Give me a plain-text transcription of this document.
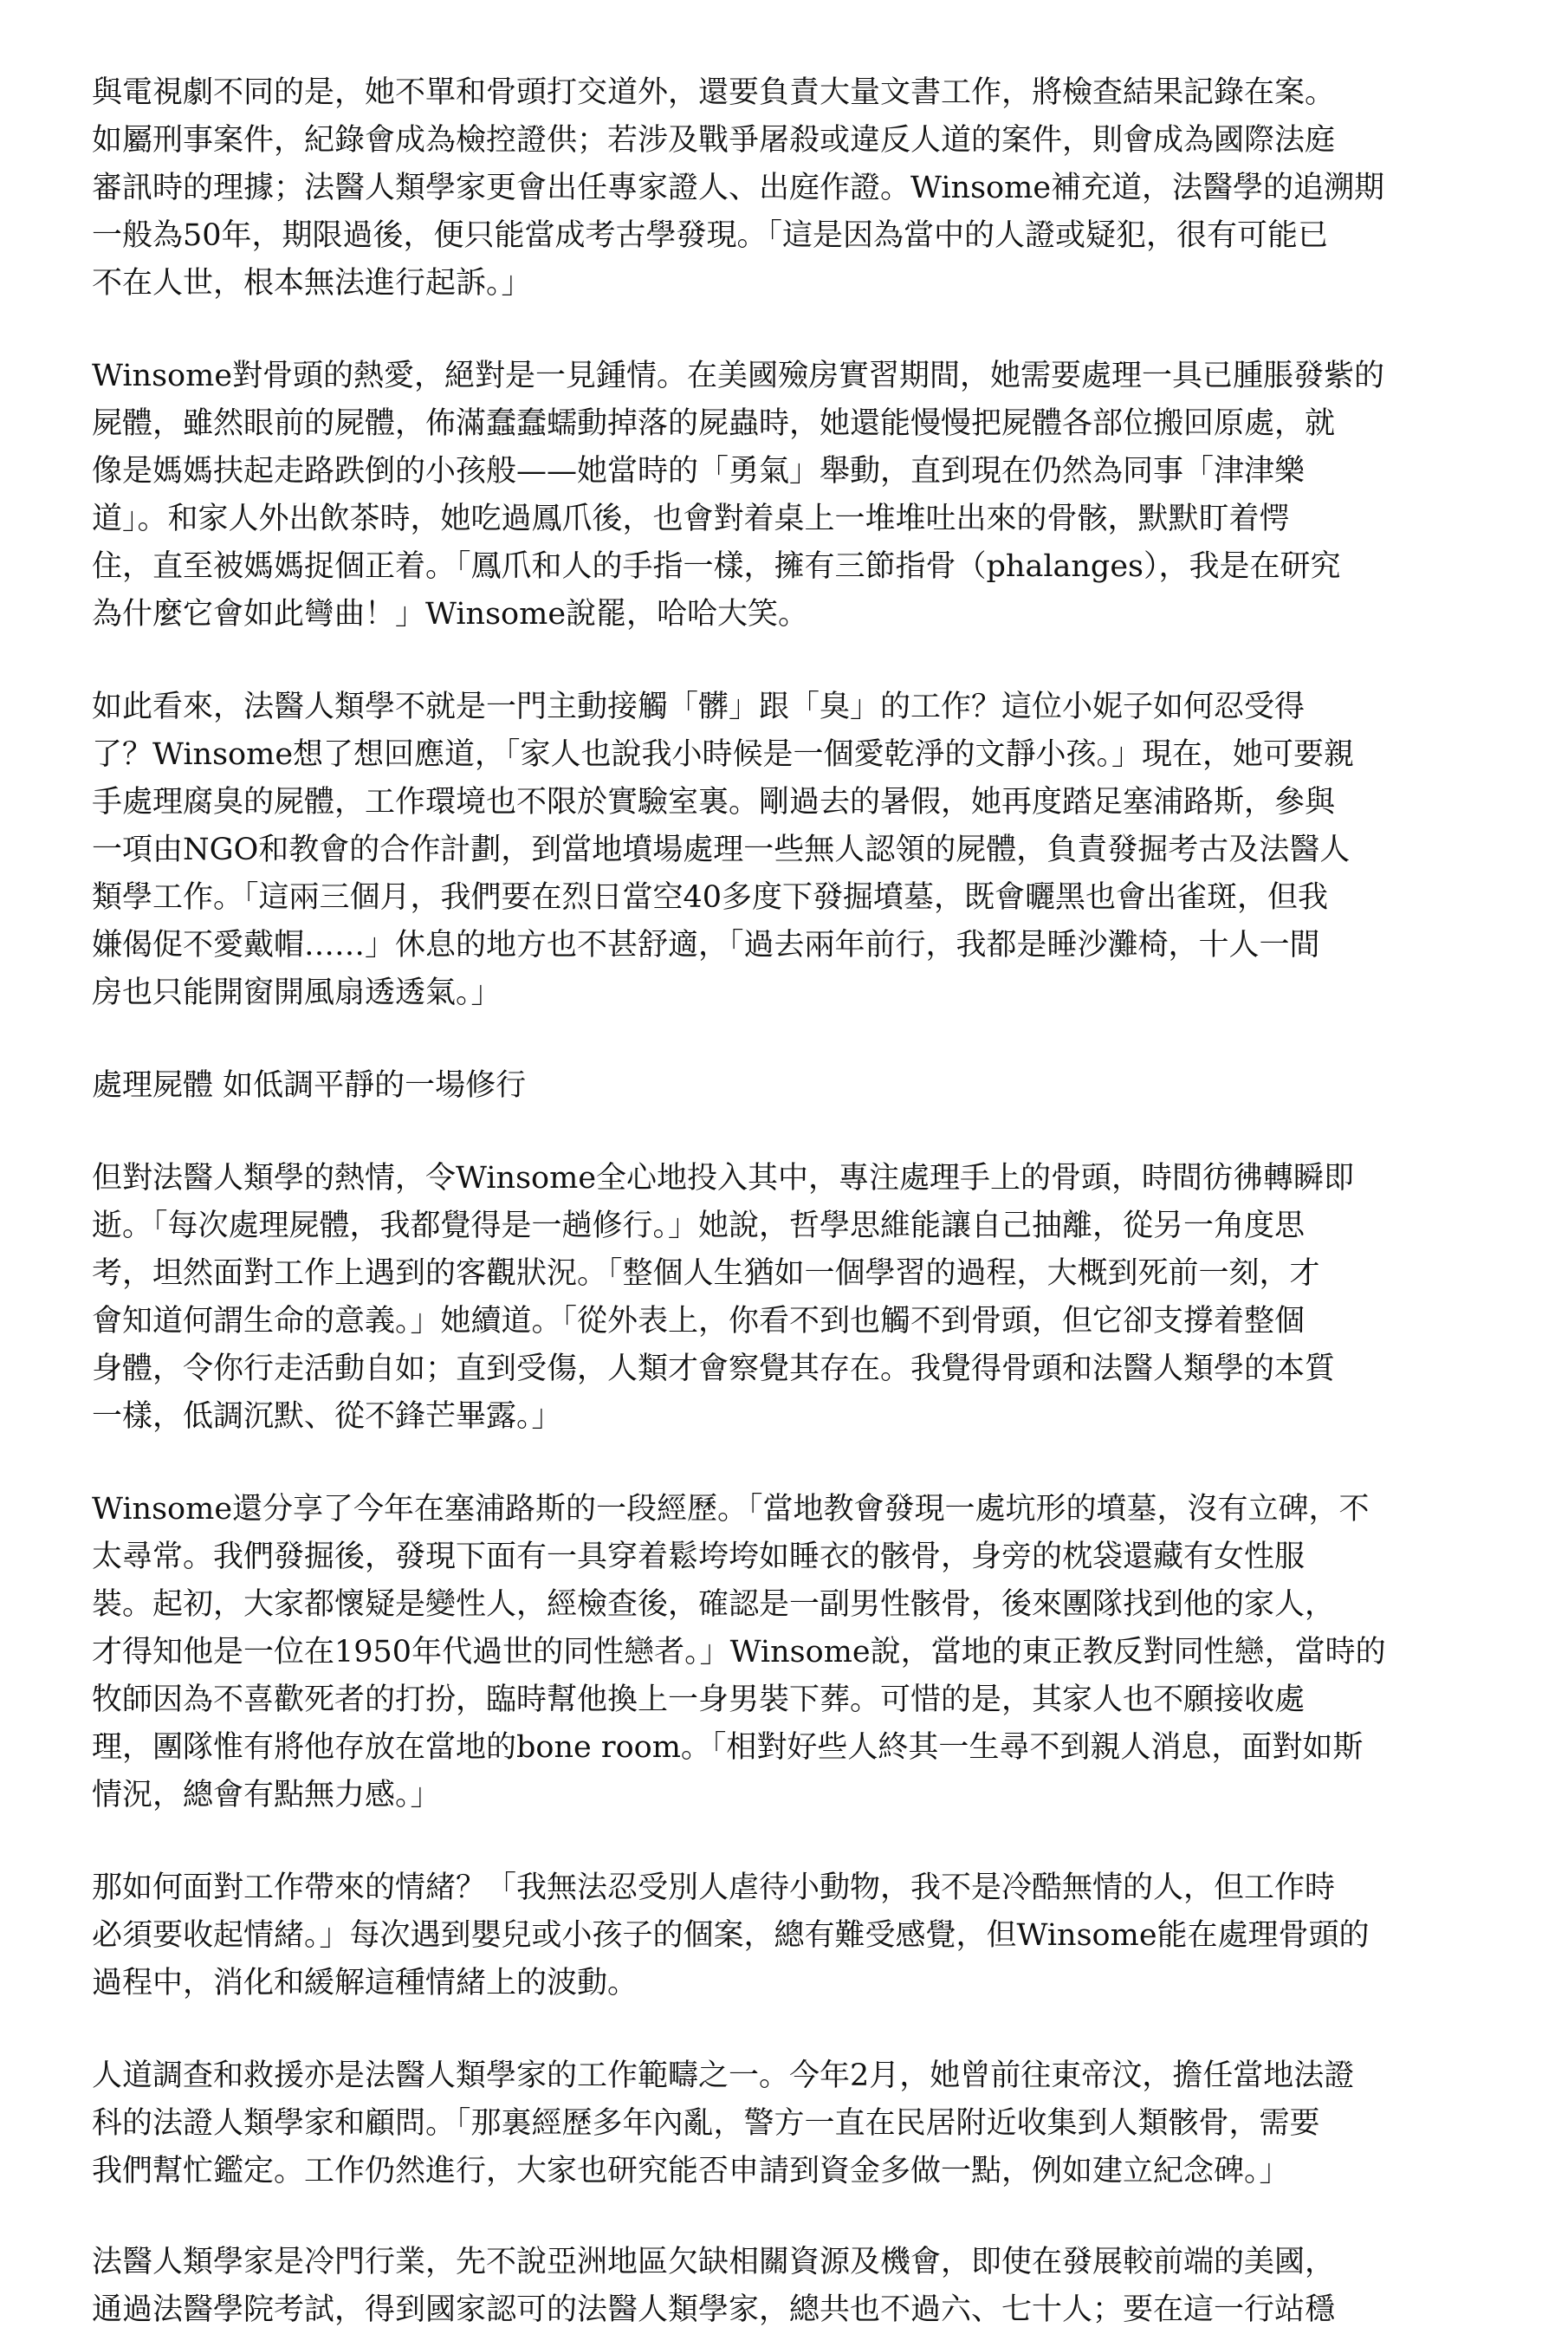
與電視劇不同的是，她不單和骨頭打交道外，還要負責大量文書工作，將檢查結果記錄在案。
如屬刑事案件，紀錄會成為檢控證供；若涉及戰爭屠殺或違反人道的案件，則會成為國際法庭
審訊時的理據；法醫人類學家更會出任專家證人、出庭作證。Winsome補充道，法醫學的追溯期
一般為50年，期限過後，便只能當成考古學發現。「這是因為當中的人證或疑犯，很有可能已
不在人世，根本無法進行起訴。」

Winsome對骨頭的熱愛，絕對是一見鍾情。在美國殮房實習期間，她需要處理一具已腫脹發紫的
屍體，雖然眼前的屍體，佈滿蠢蠢蠕動掉落的屍蟲時，她還能慢慢把屍體各部位搬回原處，就
像是媽媽扶起走路跌倒的小孩般——她當時的「勇氣」舉動，直到現在仍然為同事「津津樂
道」。和家人外出飲茶時，她吃過鳳爪後，也會對着桌上一堆堆吐出來的骨骸，默默盯着愕
住，直至被媽媽捉個正着。「鳳爪和人的手指一樣，擁有三節指骨（phalanges），我是在研究
為什麼它會如此彎曲！」Winsome說罷，哈哈大笑。

如此看來，法醫人類學不就是一門主動接觸「髒」跟「臭」的工作？這位小妮子如何忍受得
了？Winsome想了想回應道，「家人也說我小時候是一個愛乾淨的文靜小孩。」現在，她可要親
手處理腐臭的屍體，工作環境也不限於實驗室裏。剛過去的暑假，她再度踏足塞浦路斯，參與
一項由NGO和教會的合作計劃，到當地墳場處理一些無人認領的屍體，負責發掘考古及法醫人
類學工作。「這兩三個月，我們要在烈日當空40多度下發掘墳墓，既會曬黑也會出雀斑，但我
嫌偈促不愛戴帽……」休息的地方也不甚舒適，「過去兩年前行，我都是睡沙灘椅，十人一間
房也只能開窗開風扇透透氣。」

處理屍體 如低調平靜的一場修行

但對法醫人類學的熱情，令Winsome全心地投入其中，專注處理手上的骨頭，時間彷彿轉瞬即
逝。「每次處理屍體，我都覺得是一趟修行。」她說，哲學思維能讓自己抽離，從另一角度思
考，坦然面對工作上遇到的客觀狀況。「整個人生猶如一個學習的過程，大概到死前一刻，才
會知道何謂生命的意義。」她續道。「從外表上，你看不到也觸不到骨頭，但它卻支撐着整個
身體，令你行走活動自如；直到受傷，人類才會察覺其存在。我覺得骨頭和法醫人類學的本質
一樣，低調沉默、從不鋒芒畢露。」

Winsome還分享了今年在塞浦路斯的一段經歷。「當地教會發現一處坑形的墳墓，沒有立碑，不
太尋常。我們發掘後，發現下面有一具穿着鬆垮垮如睡衣的骸骨，身旁的枕袋還藏有女性服
裝。起初，大家都懷疑是變性人，經檢查後，確認是一副男性骸骨，後來團隊找到他的家人，
才得知他是一位在1950年代過世的同性戀者。」Winsome說，當地的東正教反對同性戀，當時的
牧師因為不喜歡死者的打扮，臨時幫他換上一身男裝下葬。可惜的是，其家人也不願接收處
理，團隊惟有將他存放在當地的bone room。「相對好些人終其一生尋不到親人消息，面對如斯
情況，總會有點無力感。」

那如何面對工作帶來的情緒？「我無法忍受別人虐待小動物，我不是冷酷無情的人，但工作時
必須要收起情緒。」每次遇到嬰兒或小孩子的個案，總有難受感覺，但Winsome能在處理骨頭的
過程中，消化和緩解這種情緒上的波動。

人道調查和救援亦是法醫人類學家的工作範疇之一。今年2月，她曾前往東帝汶，擔任當地法證
科的法證人類學家和顧問。「那裏經歷多年內亂，警方一直在民居附近收集到人類骸骨，需要
我們幫忙鑑定。工作仍然進行，大家也研究能否申請到資金多做一點，例如建立紀念碑。」

法醫人類學家是冷門行業，先不說亞洲地區欠缺相關資源及機會，即使在發展較前端的美國，
通過法醫學院考試，得到國家認可的法醫人類學家，總共也不過六、七十人；要在這一行站穩
